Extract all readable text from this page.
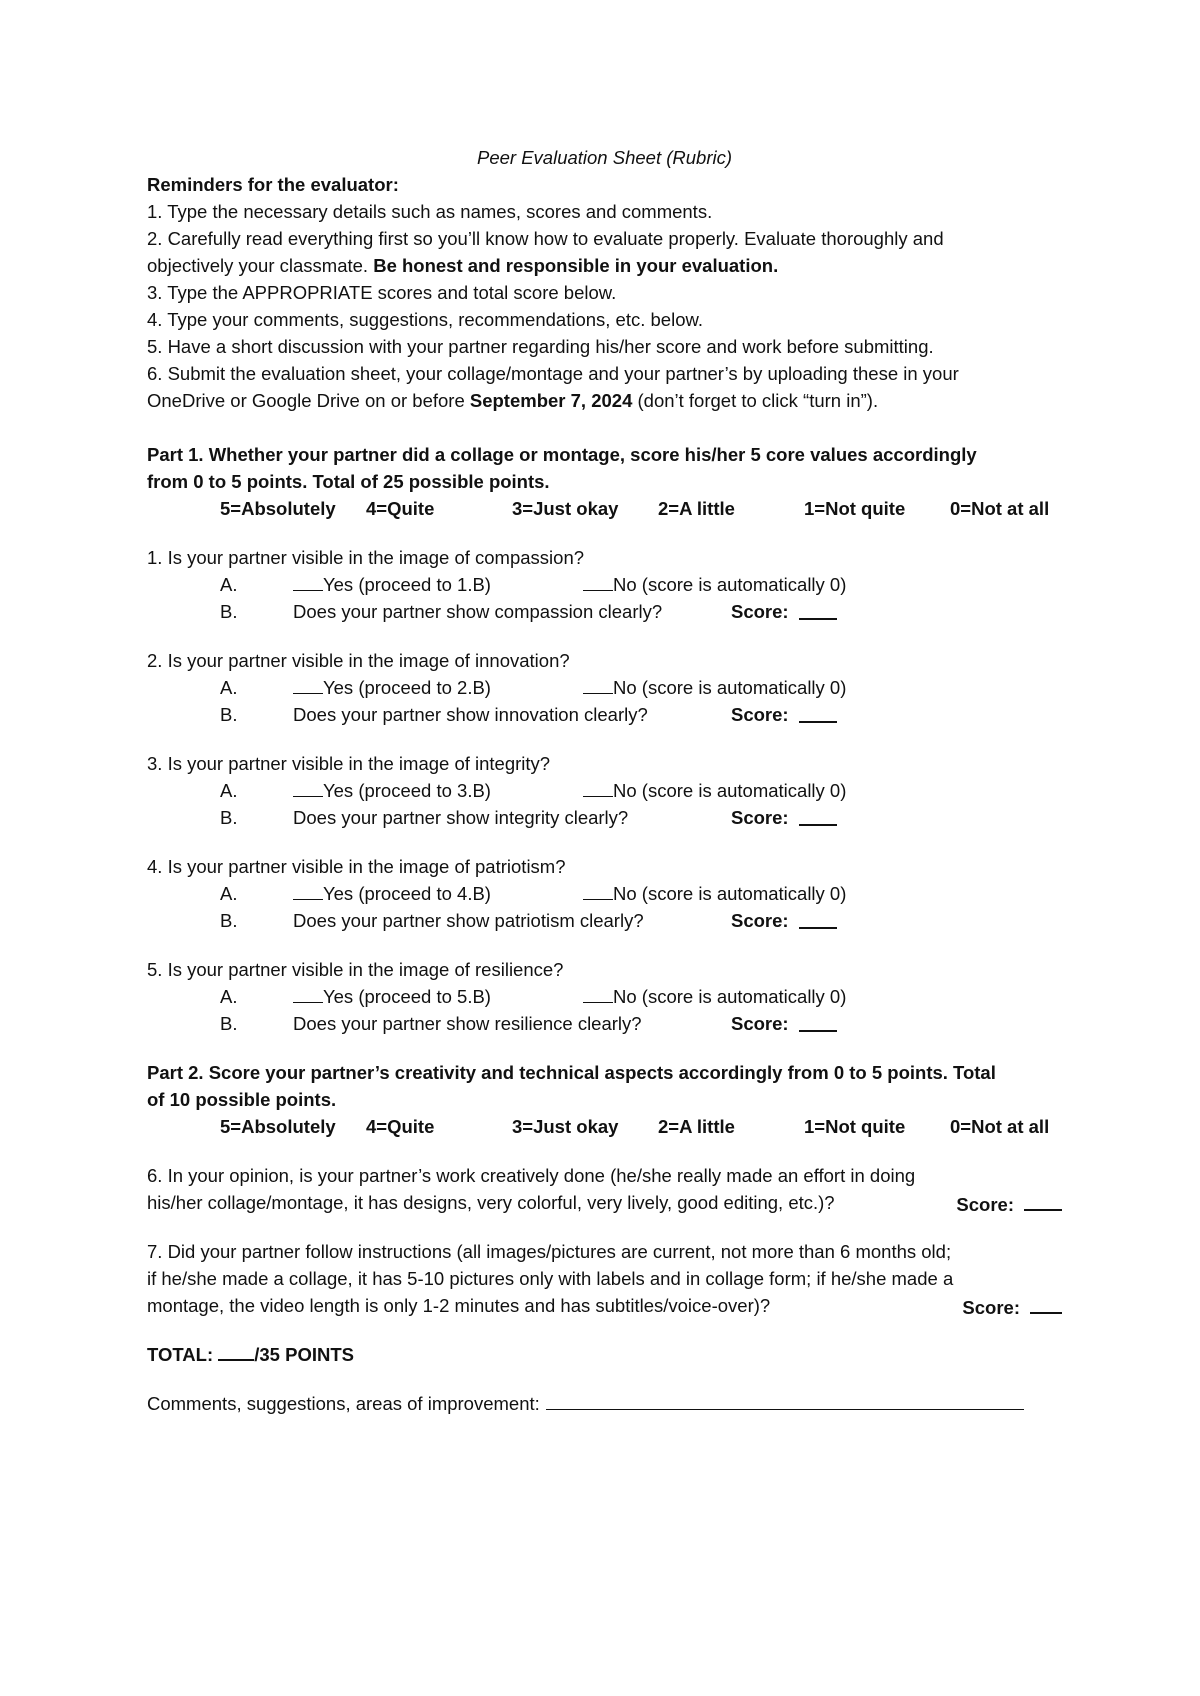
Peer Evaluation Sheet (Rubric)

Reminders for the evaluator:

1. Type the necessary details such as names, scores and comments.

2. Carefully read everything first so you’ll know how to evaluate properly. Evaluate thoroughly and

objectively your classmate. Be honest and responsible in your evaluation.

3. Type the APPROPRIATE scores and total score below.

4. Type your comments, suggestions, recommendations, etc. below.

5. Have a short discussion with your partner regarding his/her score and work before submitting.

6. Submit the evaluation sheet, your collage/montage and your partner’s by uploading these in your

OneDrive or Google Drive on or before September 7, 2024 (don’t forget to click “turn in”).

Part 1. Whether your partner did a collage or montage, score his/her 5 core values accordingly

from 0 to 5 points. Total of 25 possible points.

5=Absolutely	4=Quite	3=Just okay	2=A little	1=Not quite	0=Not at all

1. Is your partner visible in the image of compassion?

A.	Yes (proceed to 1.B)	No (score is automatically 0)
B.	Does your partner show compassion clearly?	Score:

2. Is your partner visible in the image of innovation?

A.	Yes (proceed to 2.B)	No (score is automatically 0)
B.	Does your partner show innovation clearly?	Score:

3. Is your partner visible in the image of integrity?

A.	Yes (proceed to 3.B)	No (score is automatically 0)
B.	Does your partner show integrity clearly?	Score:

4. Is your partner visible in the image of patriotism?

A.	Yes (proceed to 4.B)	No (score is automatically 0)
B.	Does your partner show patriotism clearly?	Score:

5. Is your partner visible in the image of resilience?

A.	Yes (proceed to 5.B)	No (score is automatically 0)
B.	Does your partner show resilience clearly?	Score:

Part 2. Score your partner’s creativity and technical aspects accordingly from 0 to 5 points. Total

of 10 possible points.

5=Absolutely	4=Quite	3=Just okay	2=A little	1=Not quite	0=Not at all

6. In your opinion, is your partner’s work creatively done (he/she really made an effort in doing

his/her collage/montage, it has designs, very colorful, very lively, good editing, etc.)?	Score:

7. Did your partner follow instructions (all images/pictures are current, not more than 6 months old;

if he/she made a collage, it has 5-10 pictures only with labels and in collage form; if he/she made a

montage, the video length is only 1-2 minutes and has subtitles/voice-over)?	Score:

TOTAL: /35 POINTS

Comments, suggestions, areas of improvement:
